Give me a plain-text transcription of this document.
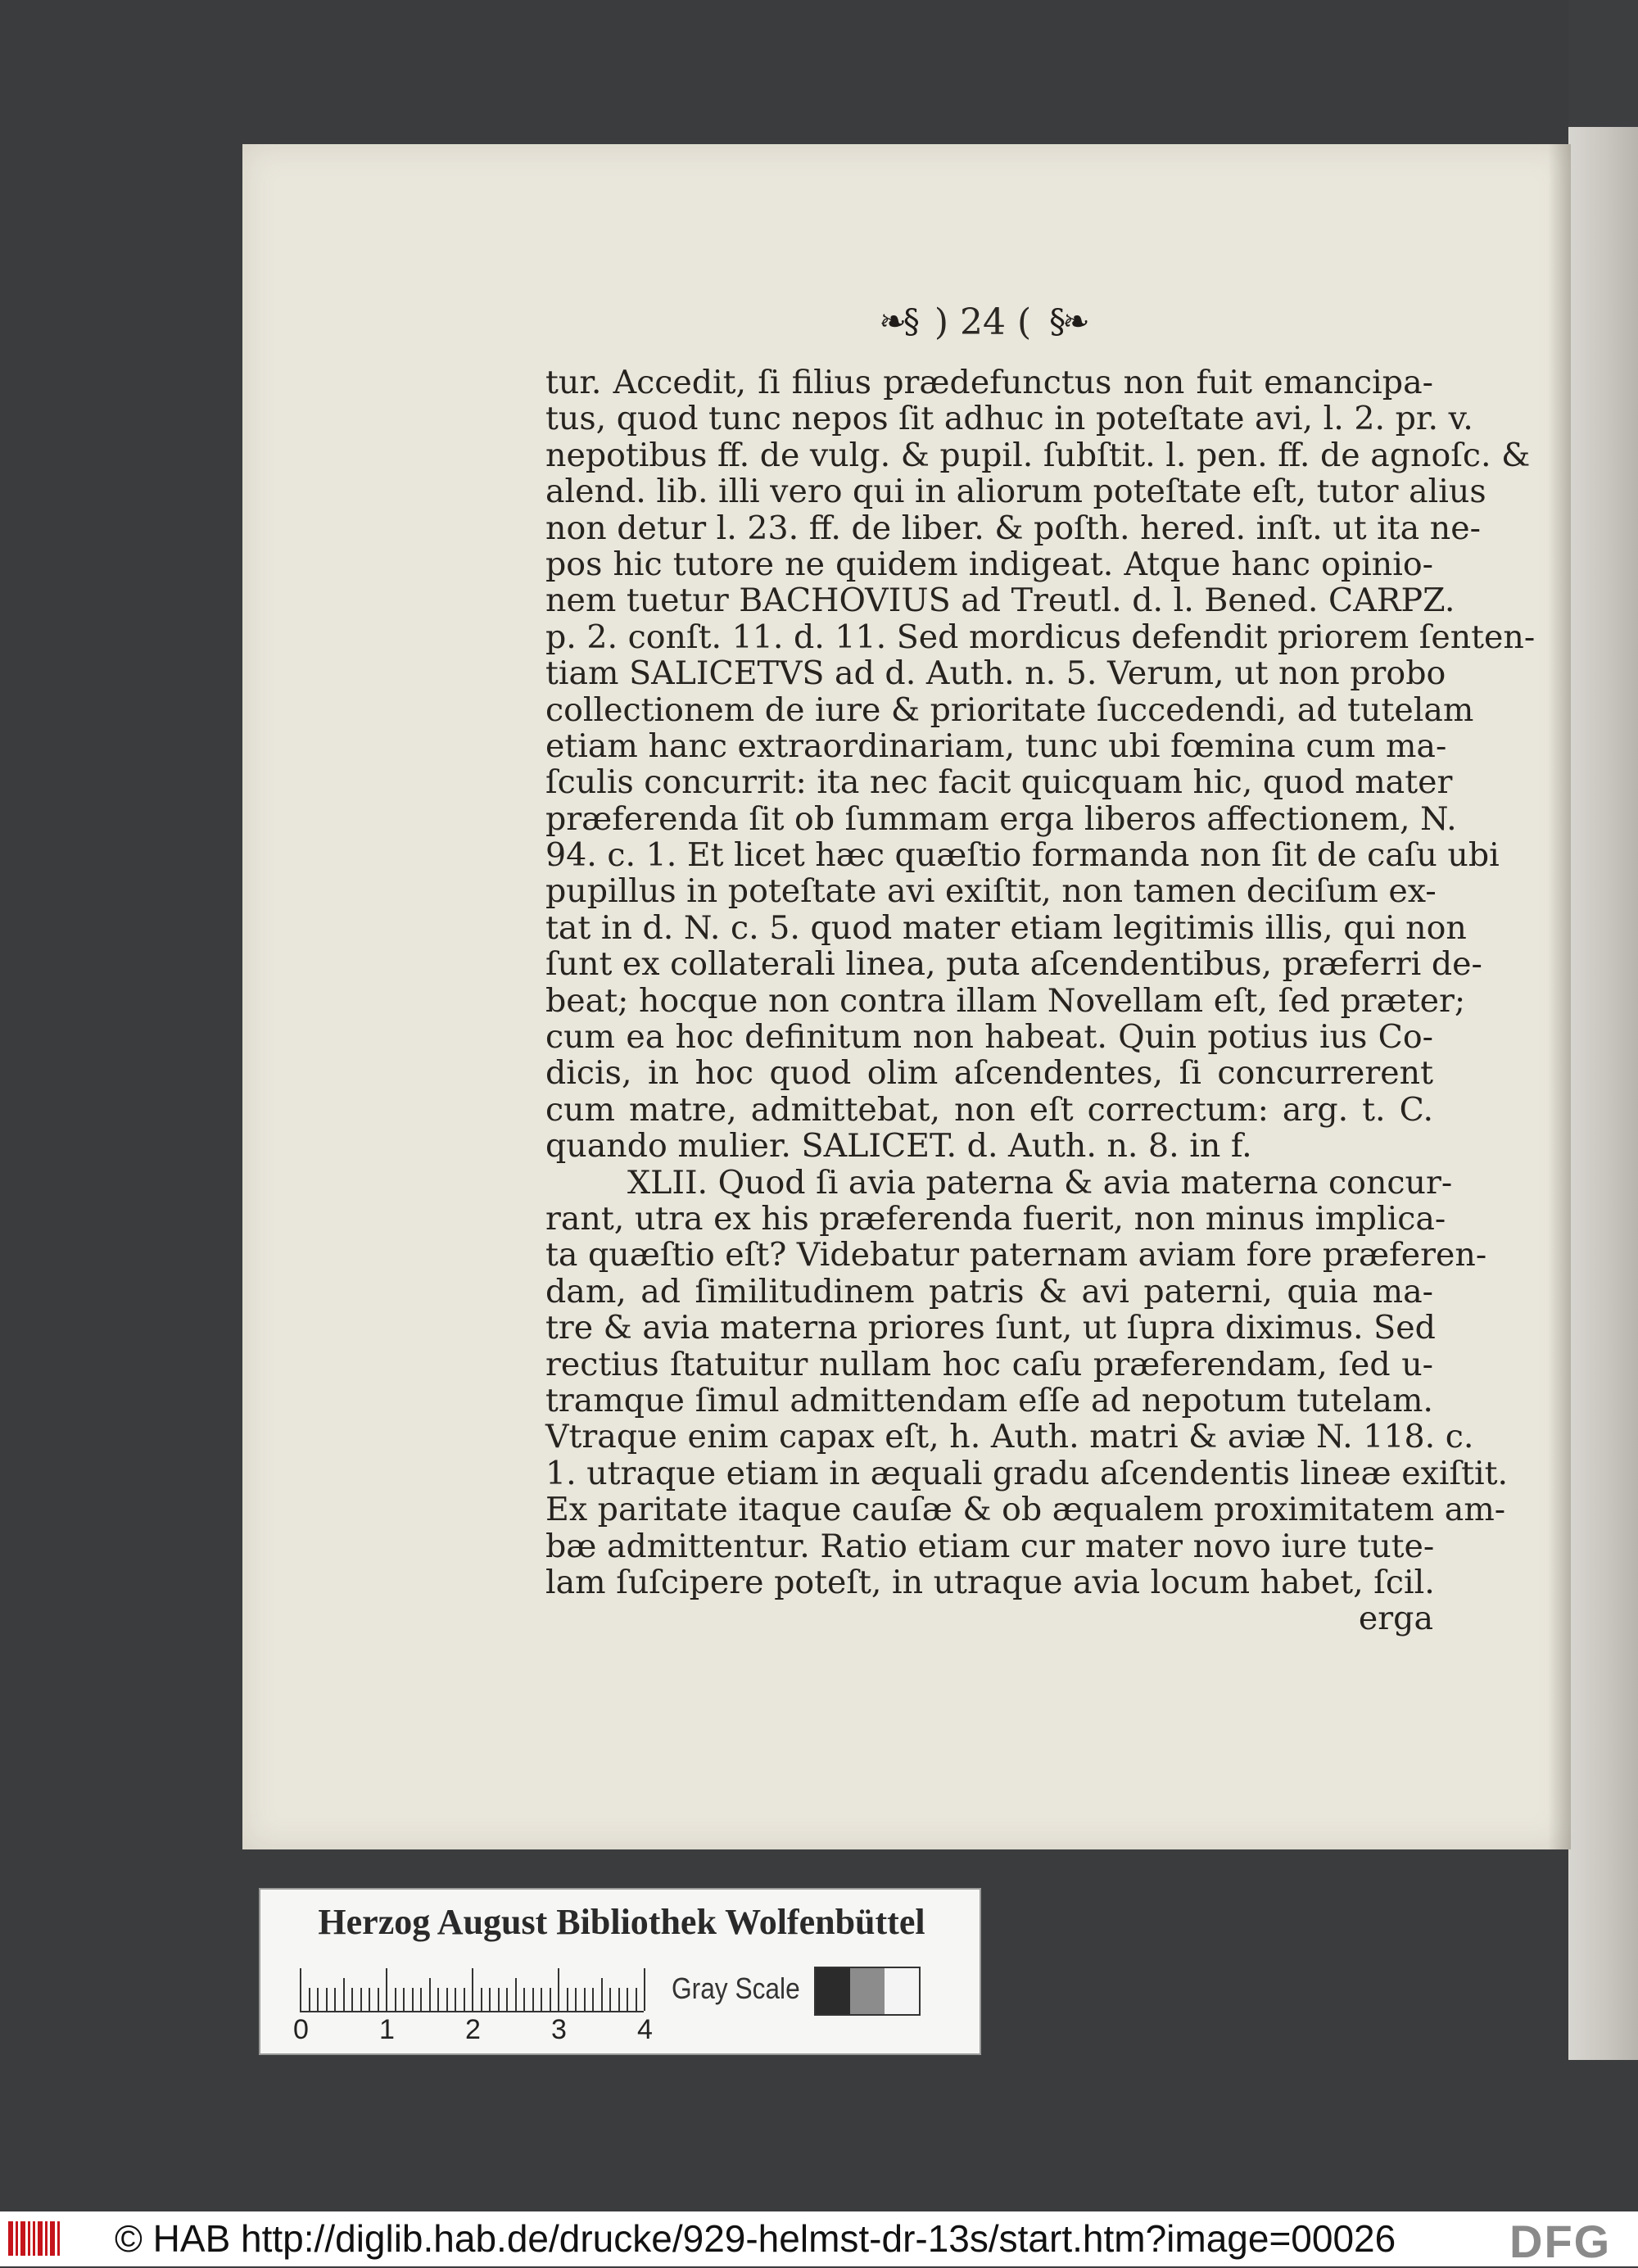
❧§ ) 24 ( §❧
tur. Accedit, ſi filius prædefunctus non fuit emancipa-
tus, quod tunc nepos ſit adhuc in poteſtate avi, l. 2. pr. v.
nepotibus ff. de vulg. & pupil. ſubſtit. l. pen. ff. de agnoſc. &
alend. lib. illi vero qui in aliorum poteſtate eſt, tutor alius
non detur l. 23. ff. de liber. & poſth. hered. inſt. ut ita ne-
pos hic tutore ne quidem indigeat. Atque hanc opinio-
nem tuetur BACHOVIUS ad Treutl. d. l. Bened. CARPZ.
p. 2. conſt. 11. d. 11. Sed mordicus defendit priorem ſenten-
tiam SALICETVS ad d. Auth. n. 5. Verum, ut non probo
collectionem de iure & prioritate ſuccedendi, ad tutelam
etiam hanc extraordinariam, tunc ubi fœmina cum ma-
ſculis concurrit: ita nec facit quicquam hic, quod mater
præferenda ſit ob ſummam erga liberos affectionem, N.
94. c. 1. Et licet hæc quæſtio formanda non ſit de caſu ubi
pupillus in poteſtate avi exiſtit, non tamen deciſum ex-
tat in d. N. c. 5. quod mater etiam legitimis illis, qui non
ſunt ex collaterali linea, puta aſcendentibus, præferri de-
beat; hocque non contra illam Novellam eſt, ſed præter;
cum ea hoc definitum non habeat. Quin potius ius Co-
dicis, in hoc quod olim aſcendentes, ſi concurrerent
cum matre, admittebat, non eſt correctum: arg. t. C.
quando mulier. SALICET. d. Auth. n. 8. in f.
XLII. Quod ſi avia paterna & avia materna concur-
rant, utra ex his præferenda fuerit, non minus implica-
ta quæſtio eſt? Videbatur paternam aviam fore præferen-
dam, ad ſimilitudinem patris & avi paterni, quia ma-
tre & avia materna priores ſunt, ut ſupra diximus. Sed
rectius ſtatuitur nullam hoc caſu præferendam, ſed u-
tramque ſimul admittendam eſſe ad nepotum tutelam.
Vtraque enim capax eſt, h. Auth. matri & aviæ N. 118. c.
1. utraque etiam in æquali gradu aſcendentis lineæ exiſtit.
Ex paritate itaque cauſæ & ob æqualem proximitatem am-
bæ admittentur. Ratio etiam cur mater novo iure tute-
lam ſuſcipere poteſt, in utraque avia locum habet, ſcil.
erga
Herzog August Bibliothek Wolfenbüttel
Gray Scale
0	1	2	3	4
© HAB http://diglib.hab.de/drucke/929-helmst-dr-13s/start.htm?image=00026 DFG
